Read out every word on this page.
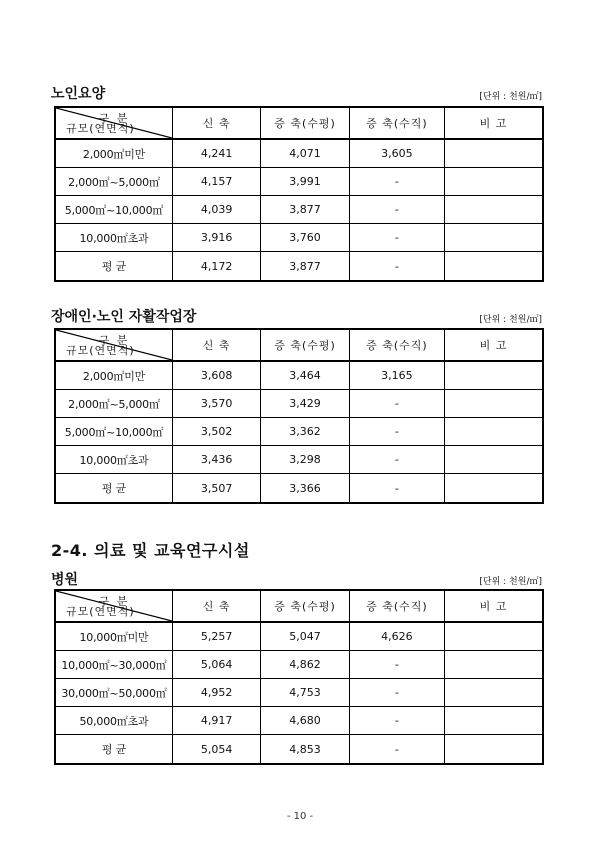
노인요양	[단위 : 천원/㎡]
구 분
규모(연면적)	신 축	증 축(수평)	증 축(수직)	비 고
2,000㎡미만	4,241	4,071	3,605	
2,000㎡~5,000㎡	4,157	3,991	-	
5,000㎡~10,000㎡	4,039	3,877	-	
10,000㎡초과	3,916	3,760	-	
평 균	4,172	3,877	-	
장애인·노인 자활작업장	[단위 : 천원/㎡]
구 분
규모(연면적)	신 축	증 축(수평)	증 축(수직)	비 고
2,000㎡미만	3,608	3,464	3,165	
2,000㎡~5,000㎡	3,570	3,429	-	
5,000㎡~10,000㎡	3,502	3,362	-	
10,000㎡초과	3,436	3,298	-	
평 균	3,507	3,366	-	
2-4. 의료 및 교육연구시설
병원	[단위 : 천원/㎡]
구 분
규모(연면적)	신 축	증 축(수평)	증 축(수직)	비 고
10,000㎡미만	5,257	5,047	4,626	
10,000㎡~30,000㎡	5,064	4,862	-	
30,000㎡~50,000㎡	4,952	4,753	-	
50,000㎡초과	4,917	4,680	-	
평 균	5,054	4,853	-	
- 10 -
